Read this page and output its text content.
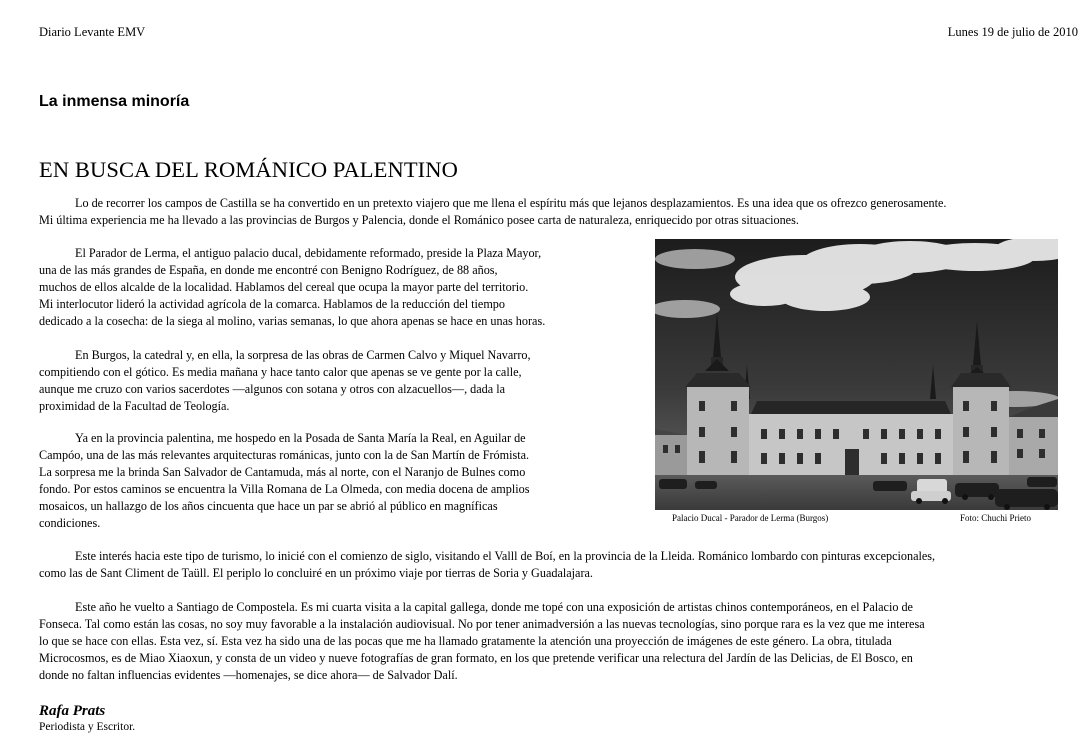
Diario Levante EMV	Lunes 19 de julio de 2010
La inmensa minoría
EN BUSCA DEL ROMÁNICO PALENTINO
Lo de recorrer los campos de Castilla se ha convertido en un pretexto viajero que me llena el espíritu más que lejanos desplazamientos. Es una idea que os ofrezco generosamente.
Mi última experiencia me ha llevado a las provincias de Burgos y Palencia, donde el Románico posee carta de naturaleza, enriquecido por otras situaciones.
El Parador de Lerma, el antiguo palacio ducal, debidamente reformado, preside la Plaza Mayor,
una de las más grandes de España, en donde me encontré con Benigno Rodríguez, de 88 años,
muchos de ellos alcalde de la localidad. Hablamos del cereal que ocupa la mayor parte del territorio.
Mi interlocutor lideró la actividad agrícola de la comarca. Hablamos de la reducción del tiempo
dedicado a la cosecha: de la siega al molino, varias semanas, lo que ahora apenas se hace en unas horas.
En Burgos, la catedral y, en ella, la sorpresa de las obras de Carmen Calvo y Miquel Navarro,
compitiendo con el gótico. Es media mañana y hace tanto calor que apenas se ve gente por la calle,
aunque me cruzo con varios sacerdotes —algunos con sotana y otros con alzacuellos—, dada la
proximidad de la Facultad de Teología.
Ya en la provincia palentina, me hospedo en la Posada de Santa María la Real, en Aguilar de
Campóo, una de las más relevantes arquitecturas románicas, junto con la de San Martín de Frómista.
La sorpresa me la brinda San Salvador de Cantamuda, más al norte, con el Naranjo de Bulnes como
fondo. Por estos caminos se encuentra la Villa Romana de La Olmeda, con media docena de amplios
mosaicos, un hallazgo de los años cincuenta que hace un par se abrió al público en magníficas
condiciones.
Este interés hacia este tipo de turismo, lo inicié con el comienzo de siglo, visitando el Valll de Boí, en la provincia de la Lleida. Románico lombardo con pinturas excepcionales,
como las de Sant Climent de Taüll. El periplo lo concluiré en un próximo viaje por tierras de Soria y Guadalajara.
Este año he vuelto a Santiago de Compostela. Es mi cuarta visita a la capital gallega, donde me topé con una exposición de artistas chinos contemporáneos, en el Palacio de
Fonseca. Tal como están las cosas, no soy muy favorable a la instalación audiovisual. No por tener animadversión a las nuevas tecnologías, sino porque rara es la vez que me interesa
lo que se hace con ellas. Esta vez, sí. Esta vez ha sido una de las pocas que me ha llamado gratamente la atención una proyección de imágenes de este género. La obra, titulada
Microcosmos, es de Miao Xiaoxun, y consta de un video y nueve fotografías de gran formato, en los que pretende verificar una relectura del Jardín de las Delicias, de El Bosco, en
donde no faltan influencias evidentes —homenajes, se dice ahora— de Salvador Dalí.
Palacio Ducal - Parador de Lerma (Burgos)	Foto: Chuchi Prieto
Rafa Prats
Periodista y Escritor.
